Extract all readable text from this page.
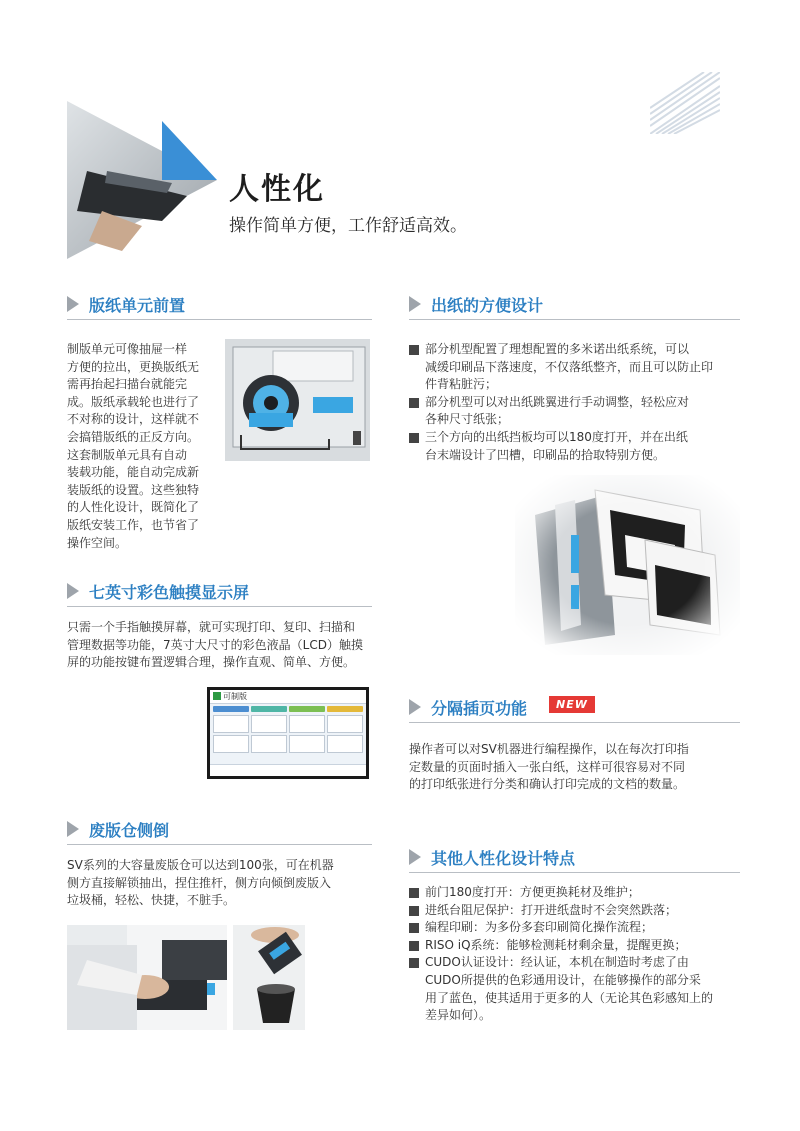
人性化
操作简单方便，工作舒适高效。
版纸单元前置
制版单元可像抽屉一样
方便的拉出，更换版纸无
需再抬起扫描台就能完
成。版纸承载轮也进行了
不对称的设计，这样就不
会搞错版纸的正反方向。
这套制版单元具有自动
装载功能，能自动完成新
装版纸的设置。这些独特
的人性化设计，既简化了
版纸安装工作，也节省了
操作空间。
七英寸彩色触摸显示屏
只需一个手指触摸屏幕，就可实现打印、复印、扫描和
管理数据等功能，7英寸大尺寸的彩色液晶（LCD）触摸
屏的功能按键布置逻辑合理，操作直观、简单、方便。
可制版
废版仓侧倒
SV系列的大容量废版仓可以达到100张，可在机器
侧方直接解锁抽出，捏住推杆，侧方向倾倒废版入
垃圾桶，轻松、快捷，不脏手。
出纸的方便设计
部分机型配置了理想配置的多米诺出纸系统，可以
减缓印刷品下落速度，不仅落纸整齐，而且可以防止印
件背粘脏污；
部分机型可以对出纸跳翼进行手动调整，轻松应对
各种尺寸纸张；
三个方向的出纸挡板均可以180度打开，并在出纸
台末端设计了凹槽，印刷品的拾取特别方便。
分隔插页功能	NEW
操作者可以对SV机器进行编程操作，以在每次打印指
定数量的页面时插入一张白纸，这样可很容易对不同
的打印纸张进行分类和确认打印完成的文档的数量。
其他人性化设计特点
前门180度打开：方便更换耗材及维护；
进纸台阻尼保护：打开进纸盘时不会突然跌落；
编程印刷：为多份多套印刷简化操作流程；
RISO iQ系统：能够检测耗材剩余量，提醒更换；
CUDO认证设计：经认证，本机在制造时考虑了由
CUDO所提供的色彩通用设计，在能够操作的部分采
用了蓝色，使其适用于更多的人（无论其色彩感知上的
差异如何）。
